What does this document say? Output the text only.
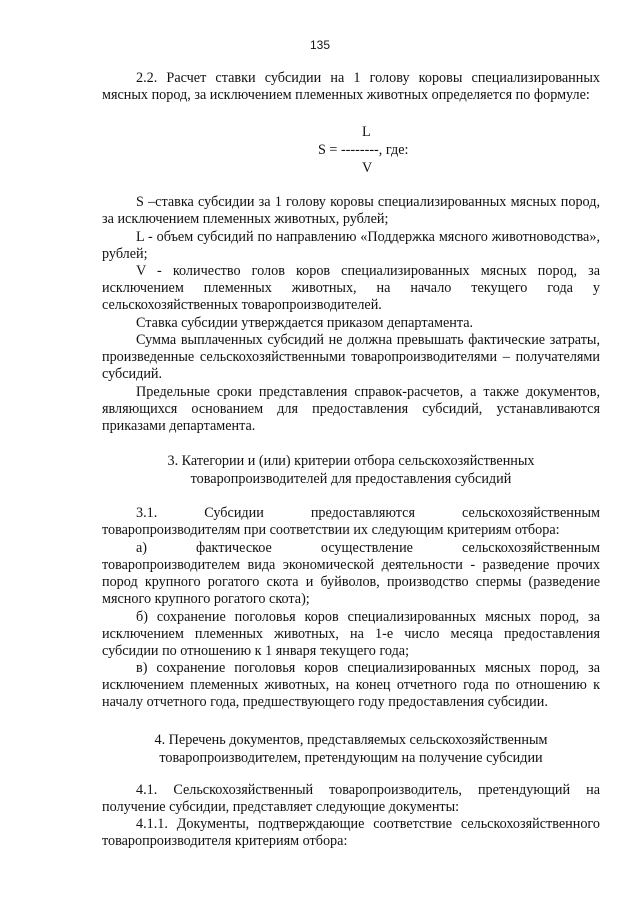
135
2.2. Расчет ставки субсидии на 1 голову коровы специализированных мясных пород, за исключением племенных животных определяется по формуле:
L
S = --------, где:
V
S –ставка субсидии за 1 голову коровы специализированных мясных пород, за исключением племенных животных, рублей;
L - объем субсидий по направлению «Поддержка мясного животноводства», рублей;
V - количество голов коров специализированных мясных пород, за исключением племенных животных, на начало текущего года у сельскохозяйственных товаропроизводителей.
Ставка субсидии утверждается приказом департамента.
Сумма выплаченных субсидий не должна превышать фактические затраты, произведенные сельскохозяйственными товаропроизводителями – получателями субсидий.
Предельные сроки представления справок-расчетов, а также документов, являющихся основанием для предоставления субсидий, устанавливаются приказами департамента.
3. Категории и (или) критерии отбора сельскохозяйственных товаропроизводителей для предоставления субсидий
3.1. Субсидии предоставляются сельскохозяйственным товаропроизводителям при соответствии их следующим критериям отбора:
а) фактическое осуществление сельскохозяйственным товаропроизводителем вида экономической деятельности - разведение прочих пород крупного рогатого скота и буйволов, производство спермы (разведение мясного крупного рогатого скота);
б) сохранение поголовья коров специализированных мясных пород, за исключением племенных животных, на 1-е число месяца предоставления субсидии по отношению к 1 января текущего года;
в) сохранение поголовья коров специализированных мясных пород, за исключением племенных животных, на конец отчетного года по отношению к началу отчетного года, предшествующего году предоставления субсидии.
4. Перечень документов, представляемых сельскохозяйственным товаропроизводителем, претендующим на получение субсидии
4.1. Сельскохозяйственный товаропроизводитель, претендующий на получение субсидии, представляет следующие документы:
4.1.1. Документы, подтверждающие соответствие сельскохозяйственного товаропроизводителя критериям отбора:
